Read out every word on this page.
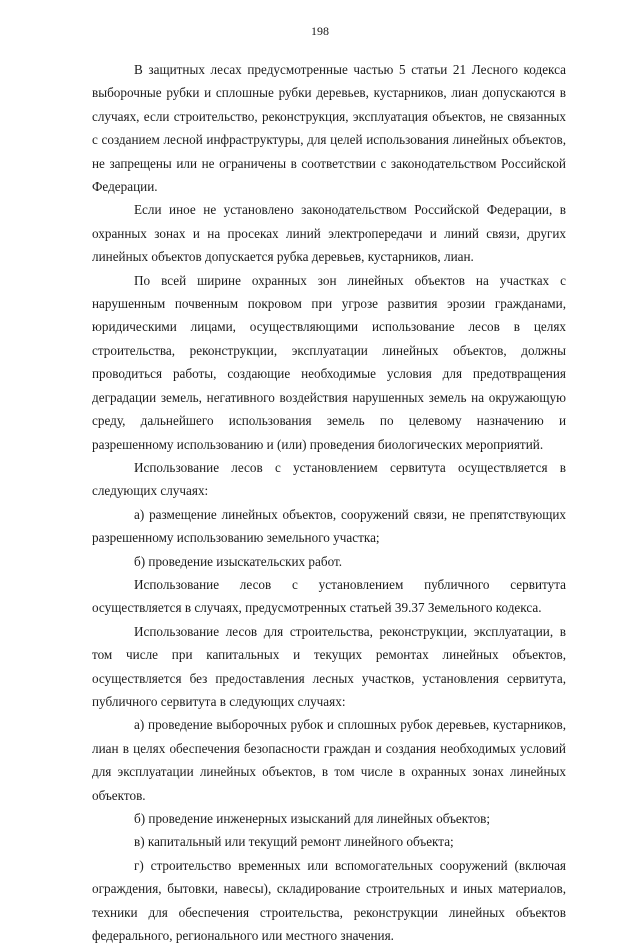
198

В защитных лесах предусмотренные частью 5 статьи 21 Лесного кодекса выборочные рубки и сплошные рубки деревьев, кустарников, лиан допускаются в случаях, если строительство, реконструкция, эксплуатация объектов, не связанных с созданием лесной инфраструктуры, для целей использования линейных объектов, не запрещены или не ограничены в соответствии с законодательством Российской Федерации.

Если иное не установлено законодательством Российской Федерации, в охранных зонах и на просеках линий электропередачи и линий связи, других линейных объектов допускается рубка деревьев, кустарников, лиан.

По всей ширине охранных зон линейных объектов на участках с нарушенным почвенным покровом при угрозе развития эрозии гражданами, юридическими лицами, осуществляющими использование лесов в целях строительства, реконструкции, эксплуатации линейных объектов, должны проводиться работы, создающие необходимые условия для предотвращения деградации земель, негативного воздействия нарушенных земель на окружающую среду, дальнейшего использования земель по целевому назначению и разрешенному использованию и (или) проведения биологических мероприятий.

Использование лесов с установлением сервитута осуществляется в следующих случаях:

а) размещение линейных объектов, сооружений связи, не препятствующих разрешенному использованию земельного участка;

б) проведение изыскательских работ.

Использование лесов с установлением публичного сервитута осуществляется в случаях, предусмотренных статьей 39.37 Земельного кодекса.

Использование лесов для строительства, реконструкции, эксплуатации, в том числе при капитальных и текущих ремонтах линейных объектов, осуществляется без предоставления лесных участков, установления сервитута, публичного сервитута в следующих случаях:

а) проведение выборочных рубок и сплошных рубок деревьев, кустарников, лиан в целях обеспечения безопасности граждан и создания необходимых условий для эксплуатации линейных объектов, в том числе в охранных зонах линейных объектов.

б) проведение инженерных изысканий для линейных объектов;

в) капитальный или текущий ремонт линейного объекта;

г) строительство временных или вспомогательных сооружений (включая ограждения, бытовки, навесы), складирование строительных и иных материалов, техники для обеспечения строительства, реконструкции линейных объектов федерального, регионального или местного значения.
